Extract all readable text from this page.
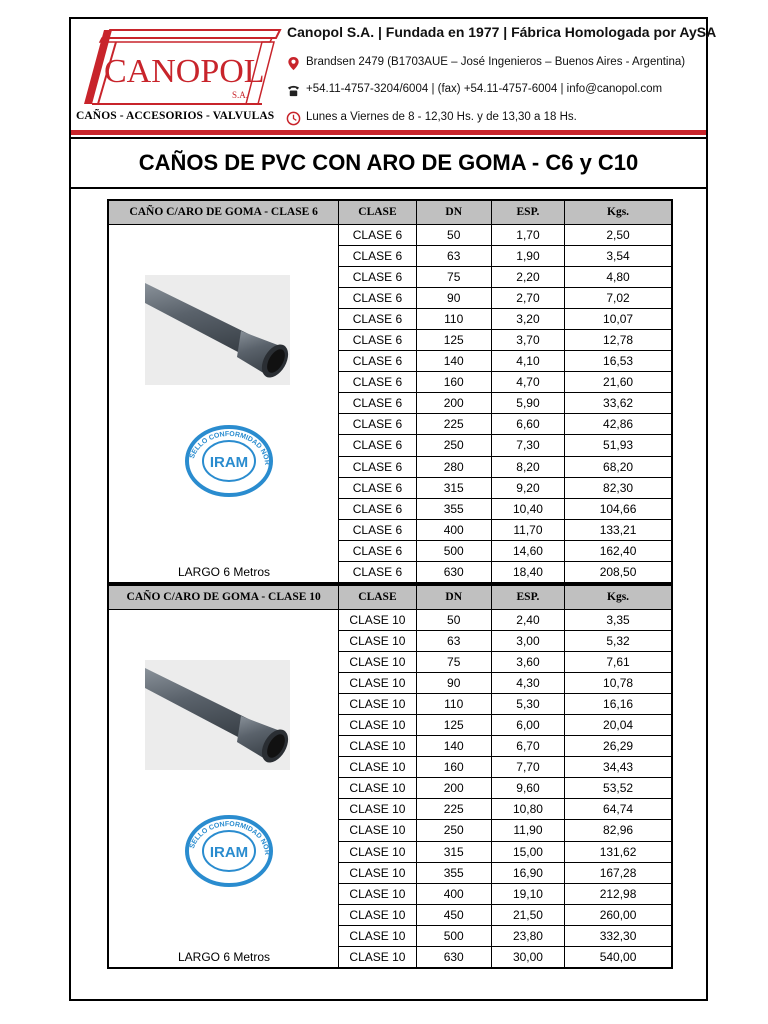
CANOPOL
S.A.
CAÑOS - ACCESORIOS - VALVULAS
Canopol S.A. | Fundada en 1977 | Fábrica Homologada por AySA
Brandsen 2479 (B1703AUE – José Ingenieros – Buenos Aires - Argentina)
+54.11-4757-3204/6004 | (fax) +54.11-4757-6004 | info@canopol.com
Lunes a Viernes de 8 - 12,30 Hs. y de 13,30 a 18 Hs.
CAÑOS DE PVC CON ARO DE GOMA - C6 y C10
CAÑO C/ARO DE GOMA - CLASE 6	CLASE	DN	ESP.	Kgs.

SELLO CONFORMIDAD NOR
IRAM
LARGO 6 Metros	CLASE 6	50	1,70	2,50
	CLASE 6	63	1,90	3,54
	CLASE 6	75	2,20	4,80
	CLASE 6	90	2,70	7,02
	CLASE 6	110	3,20	10,07
	CLASE 6	125	3,70	12,78
	CLASE 6	140	4,10	16,53
	CLASE 6	160	4,70	21,60
	CLASE 6	200	5,90	33,62
	CLASE 6	225	6,60	42,86
	CLASE 6	250	7,30	51,93
	CLASE 6	280	8,20	68,20
	CLASE 6	315	9,20	82,30
	CLASE 6	355	10,40	104,66
	CLASE 6	400	11,70	133,21
	CLASE 6	500	14,60	162,40
	CLASE 6	630	18,40	208,50
CAÑO C/ARO DE GOMA - CLASE 10	CLASE	DN	ESP.	Kgs.

SELLO CONFORMIDAD NOR
IRAM
LARGO 6 Metros	CLASE 10	50	2,40	3,35
	CLASE 10	63	3,00	5,32
	CLASE 10	75	3,60	7,61
	CLASE 10	90	4,30	10,78
	CLASE 10	110	5,30	16,16
	CLASE 10	125	6,00	20,04
	CLASE 10	140	6,70	26,29
	CLASE 10	160	7,70	34,43
	CLASE 10	200	9,60	53,52
	CLASE 10	225	10,80	64,74
	CLASE 10	250	11,90	82,96
	CLASE 10	315	15,00	131,62
	CLASE 10	355	16,90	167,28
	CLASE 10	400	19,10	212,98
	CLASE 10	450	21,50	260,00
	CLASE 10	500	23,80	332,30
	CLASE 10	630	30,00	540,00
